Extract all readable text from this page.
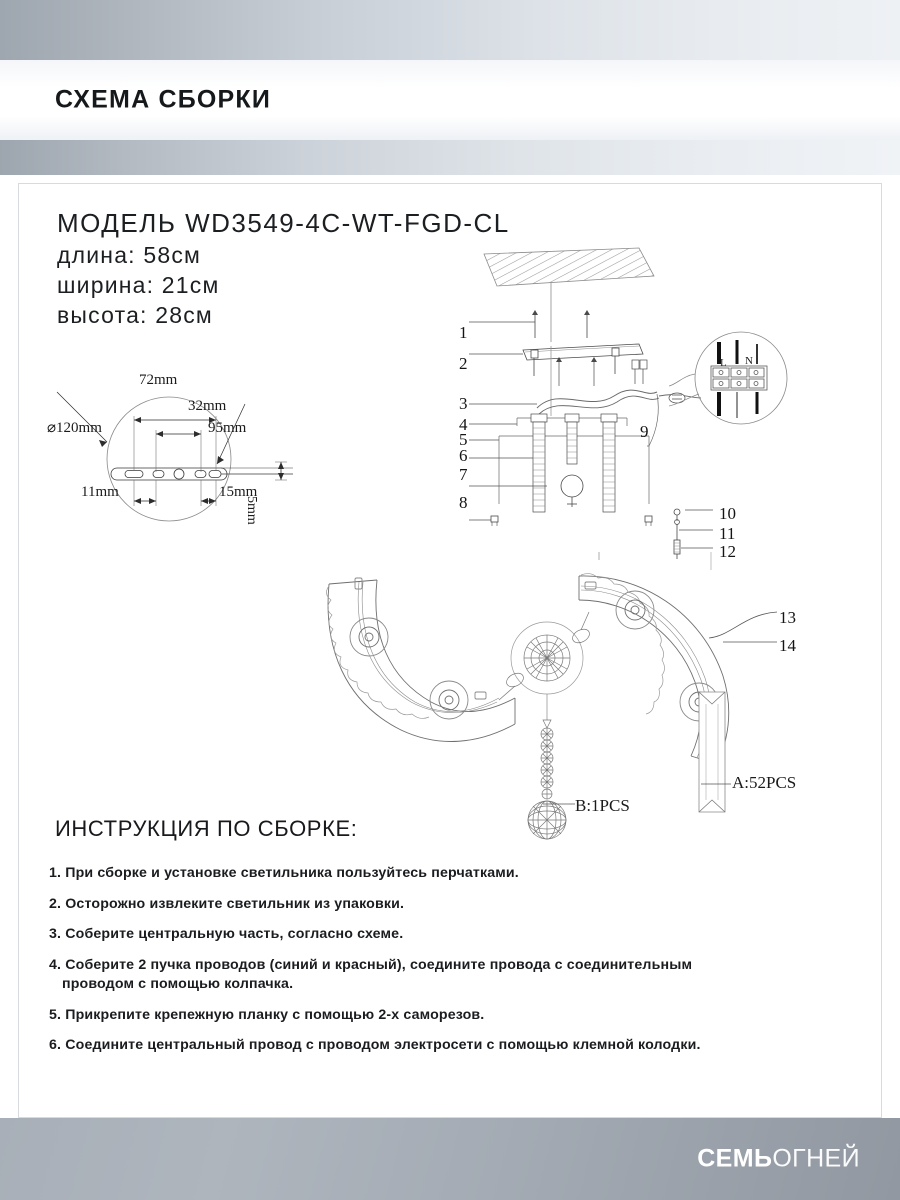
СХЕМА СБОРКИ
МОДЕЛЬ WD3549-4C-WT-FGD-CL
длина: 58см
ширина: 21см
высота: 28см
⌀120mm
72mm
32mm
95mm
11mm	15mm
5mm
1
2
3
4
5
6
7
8
9
L N
10
11
12
13
14
B:1PCS
A:52PCS
ИНСТРУКЦИЯ ПО СБОРКЕ:
1. При сборке и установке светильника пользуйтесь перчатками.
2. Осторожно извлеките светильник из упаковки.
3. Соберите центральную часть, согласно схеме.
4. Соберите 2 пучка проводов (синий и красный), соедините провода с соединительным
проводом с помощью колпачка.
5. Прикрепите крепежную планку с помощью 2-х саморезов.
6. Соедините центральный провод с проводом электросети с помощью клемной колодки.
СЕМЬОГНЕЙ
